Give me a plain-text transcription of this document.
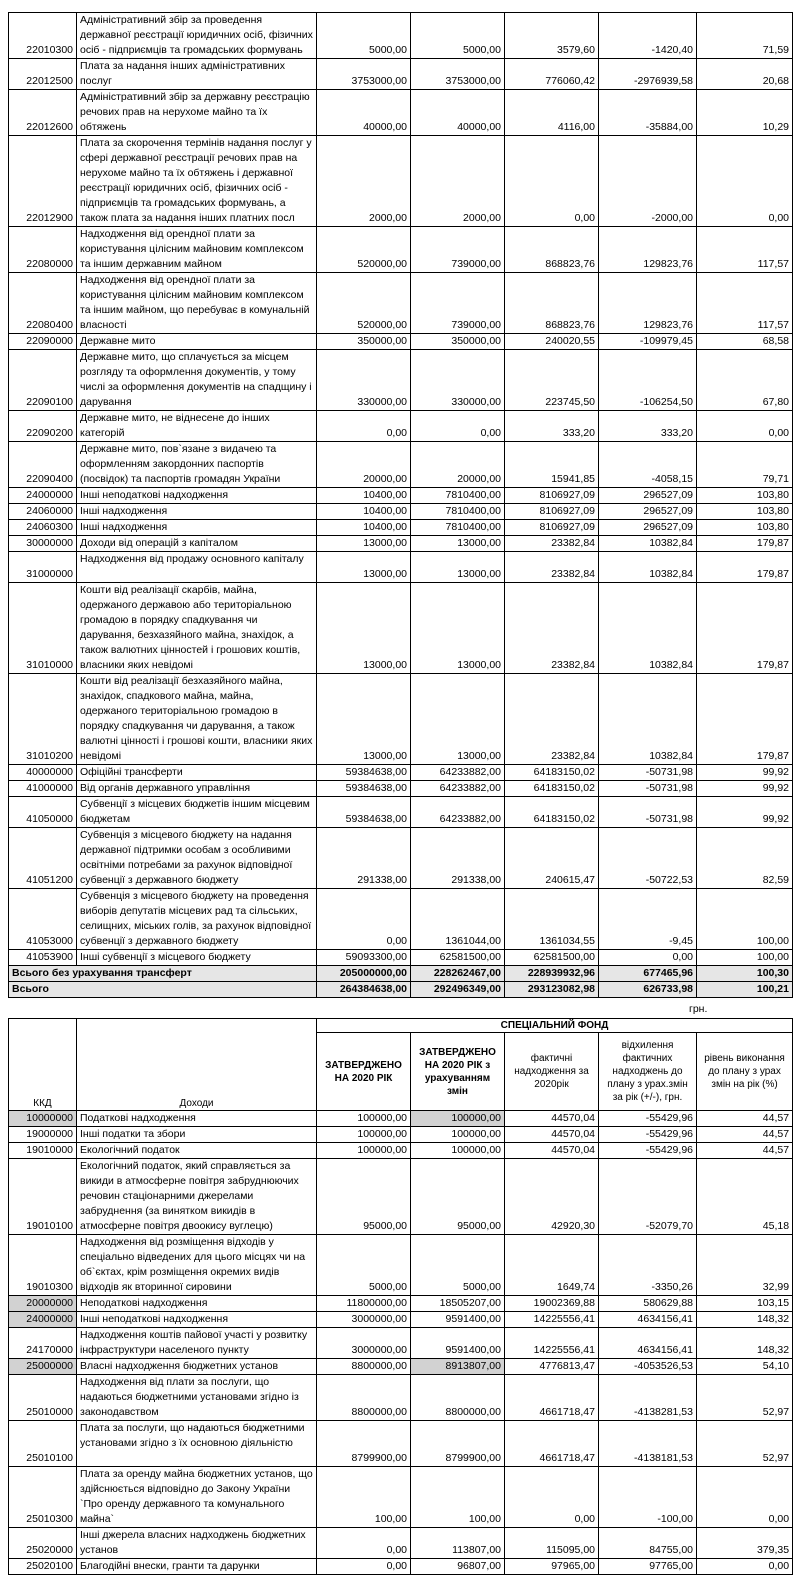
22010300	Адміністративний збір за проведення державної реєстрації юридичних осіб, фізичних осіб - підприємців та громадських формувань	5000,00	5000,00	3579,60	-1420,40	71,59
22012500	Плата за надання інших адміністративних послуг	3753000,00	3753000,00	776060,42	-2976939,58	20,68
22012600	Адміністративний збір за державну реєстрацію речових прав на нерухоме майно та їх обтяжень	40000,00	40000,00	4116,00	-35884,00	10,29
22012900	Плата за скорочення термінів надання послуг у сфері державної реєстрації речових прав на нерухоме майно та їх обтяжень і державної реєстрації юридичних осіб, фізичних осіб - підприємців та громадських формувань, а також плата за надання інших платних посл	2000,00	2000,00	0,00	-2000,00	0,00
22080000	Надходження від орендної плати за користування цілісним майновим комплексом та іншим державним майном	520000,00	739000,00	868823,76	129823,76	117,57
22080400	Надходження від орендної плати за користування цілісним майновим комплексом та іншим майном, що перебуває в комунальній власності	520000,00	739000,00	868823,76	129823,76	117,57
22090000	Державне мито	350000,00	350000,00	240020,55	-109979,45	68,58
22090100	Державне мито, що сплачується за місцем розгляду та оформлення документів, у тому числі за оформлення документів на спадщину і дарування	330000,00	330000,00	223745,50	-106254,50	67,80
22090200	Державне мито, не віднесене до інших категорій	0,00	0,00	333,20	333,20	0,00
22090400	Державне мито, пов`язане з видачею та оформленням закордонних паспортів (посвідок) та паспортів громадян України	20000,00	20000,00	15941,85	-4058,15	79,71
24000000	Інші неподаткові надходження	10400,00	7810400,00	8106927,09	296527,09	103,80
24060000	Інші надходження	10400,00	7810400,00	8106927,09	296527,09	103,80
24060300	Інші надходження	10400,00	7810400,00	8106927,09	296527,09	103,80
30000000	Доходи від операцій з капіталом	13000,00	13000,00	23382,84	10382,84	179,87
31000000	Надходження від продажу основного капіталу	13000,00	13000,00	23382,84	10382,84	179,87
31010000	Кошти від реалізації скарбів, майна, одержаного державою або територіальною громадою в порядку спадкування чи дарування, безхазяйного майна, знахідок, а також валютних цінностей і грошових коштів, власники яких невідомі	13000,00	13000,00	23382,84	10382,84	179,87
31010200	Кошти від реалізації безхазяйного майна, знахідок, спадкового майна, майна, одержаного територіальною громадою в порядку спадкування чи дарування, а також валютні цінності і грошові кошти, власники яких невідомі	13000,00	13000,00	23382,84	10382,84	179,87
40000000	Офіційні трансферти	59384638,00	64233882,00	64183150,02	-50731,98	99,92
41000000	Від органів державного управління	59384638,00	64233882,00	64183150,02	-50731,98	99,92
41050000	Субвенції з місцевих бюджетів іншим місцевим бюджетам	59384638,00	64233882,00	64183150,02	-50731,98	99,92
41051200	Субвенція з місцевого бюджету на надання державної підтримки особам з особливими освітніми потребами за рахунок відповідної субвенції з державного бюджету	291338,00	291338,00	240615,47	-50722,53	82,59
41053000	Субвенція з місцевого бюджету на проведення виборів депутатів місцевих рад та сільських, селищних, міських голів, за рахунок відповідної субвенції з державного бюджету	0,00	1361044,00	1361034,55	-9,45	100,00
41053900	Інші субвенції з місцевого бюджету	59093300,00	62581500,00	62581500,00	0,00	100,00
Всього без урахування трансферт		205000000,00	228262467,00	228939932,96	677465,96	100,30
Всього		264384638,00	292496349,00	293123082,98	626733,98	100,21
грн.
ККД	Доходи	СПЕЦІАЛЬНИЙ ФОНД				
		ЗАТВЕРДЖЕНО НА 2020 РІК	ЗАТВЕРДЖЕНО НА 2020 РІК з урахуванням змін	фактичні надходження за 2020рік	відхилення фактичних надходжень до плану з урах.змін за рік (+/-), грн.	рівень виконання до плану з урах змін на рік (%)
10000000	Податкові надходження	100000,00	100000,00	44570,04	-55429,96	44,57
19000000	Інші податки та збори	100000,00	100000,00	44570,04	-55429,96	44,57
19010000	Екологічний податок	100000,00	100000,00	44570,04	-55429,96	44,57
19010100	Екологічний податок, який справляється за викиди в атмосферне повітря забруднюючих речовин стаціонарними джерелами забруднення (за винятком викидів в атмосферне повітря двоокису вуглецю)	95000,00	95000,00	42920,30	-52079,70	45,18
19010300	Надходження від розміщення відходів у спеціально відведених для цього місцях чи на об`єктах, крім розміщення окремих видів відходів як вторинної сировини	5000,00	5000,00	1649,74	-3350,26	32,99
20000000	Неподаткові надходження	11800000,00	18505207,00	19002369,88	580629,88	103,15
24000000	Інші неподаткові надходження	3000000,00	9591400,00	14225556,41	4634156,41	148,32
24170000	Надходження коштів пайової участі у розвитку інфраструктури населеного пункту	3000000,00	9591400,00	14225556,41	4634156,41	148,32
25000000	Власні надходження бюджетних установ	8800000,00	8913807,00	4776813,47	-4053526,53	54,10
25010000	Надходження від плати за послуги, що надаються бюджетними установами згідно із законодавством	8800000,00	8800000,00	4661718,47	-4138281,53	52,97
25010100	Плата за послуги, що надаються бюджетними установами згідно з їх основною діяльністю	8799900,00	8799900,00	4661718,47	-4138181,53	52,97
25010300	Плата за оренду майна бюджетних установ, що здійснюється відповідно до Закону України `Про оренду державного та комунального майна`	100,00	100,00	0,00	-100,00	0,00
25020000	Інші джерела власних надходжень бюджетних установ	0,00	113807,00	115095,00	84755,00	379,35
25020100	Благодійні внески, гранти та дарунки	0,00	96807,00	97965,00	97765,00	0,00
